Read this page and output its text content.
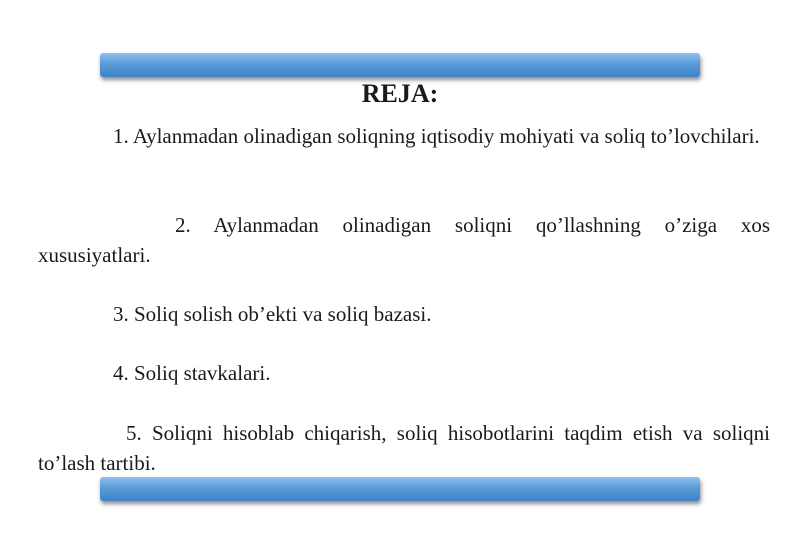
REJA:

1. Aylanmadan olinadigan soliqning iqtisodiy mohiyati va soliq to’lovchilari.

2. Aylanmadan olinadigan soliqni qo’llashning o’ziga xos xususiyatlari.

3. Soliq solish ob’ekti va soliq bazasi.

4. Soliq stavkalari.

5. Soliqni hisoblab chiqarish, soliq hisobotlarini taqdim etish va soliqni to’lash tartibi.
